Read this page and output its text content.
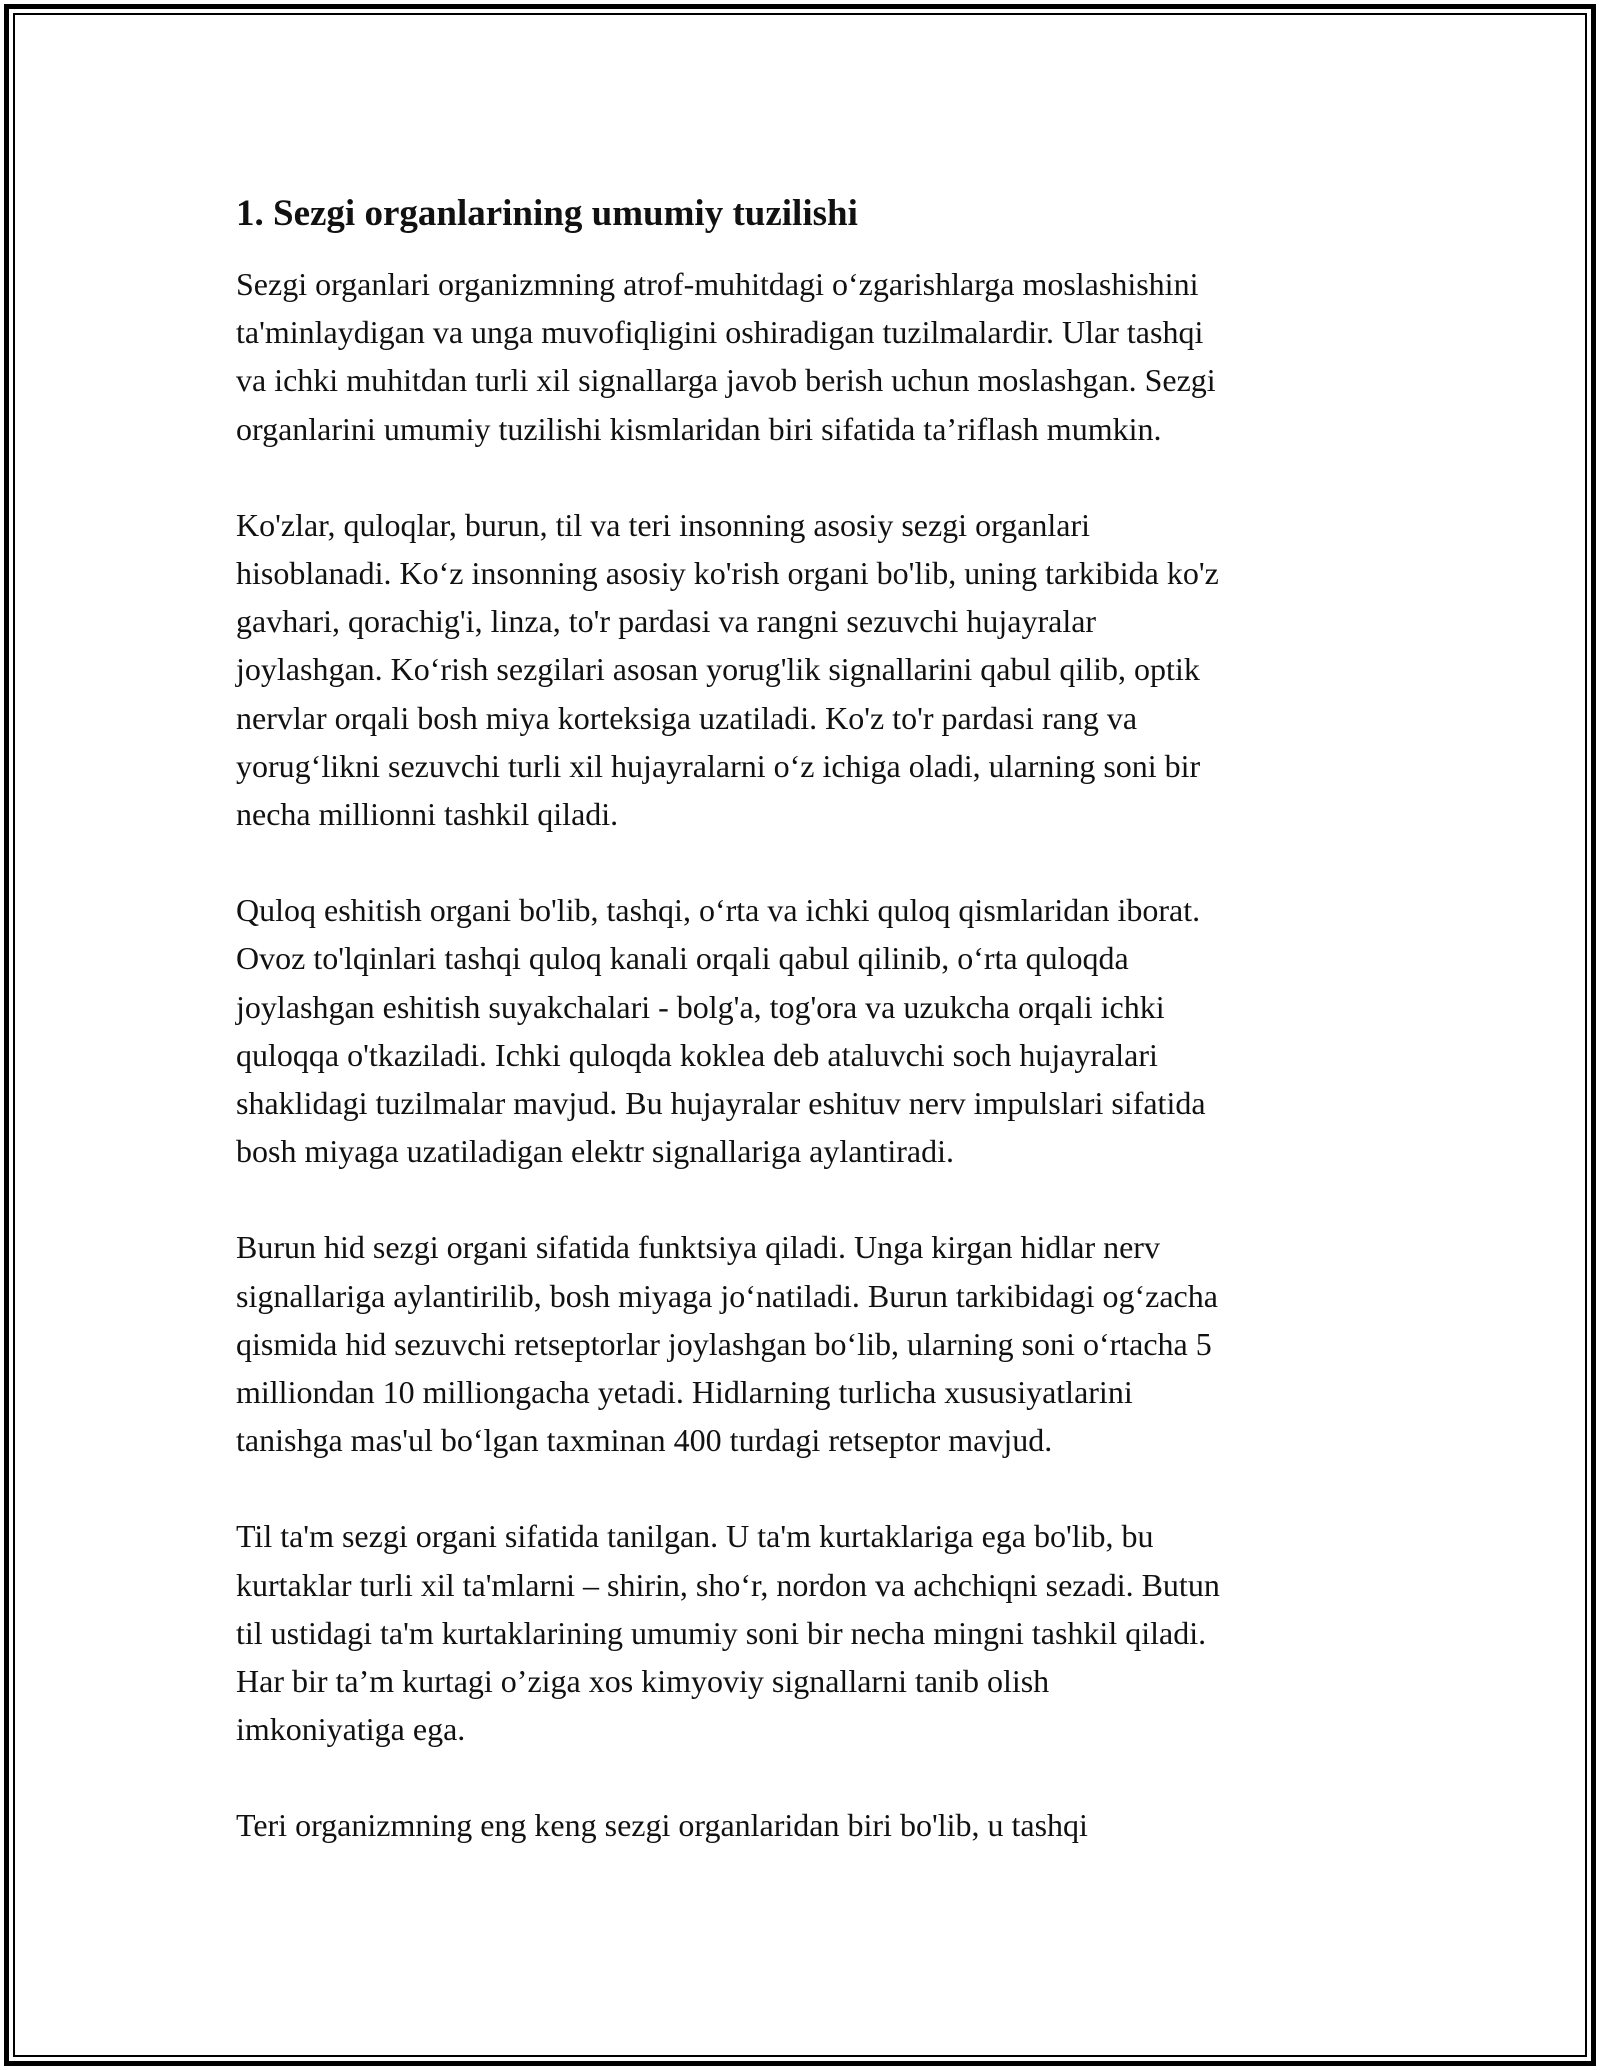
1. Sezgi organlarining umumiy tuzilishi

Sezgi organlari organizmning atrof-muhitdagi o‘zgarishlarga moslashishini
ta'minlaydigan va unga muvofiqligini oshiradigan tuzilmalardir. Ular tashqi
va ichki muhitdan turli xil signallarga javob berish uchun moslashgan. Sezgi
organlarini umumiy tuzilishi kismlaridan biri sifatida ta’riflash mumkin.

Ko'zlar, quloqlar, burun, til va teri insonning asosiy sezgi organlari
hisoblanadi. Ko‘z insonning asosiy ko'rish organi bo'lib, uning tarkibida ko'z
gavhari, qorachig'i, linza, to'r pardasi va rangni sezuvchi hujayralar
joylashgan. Ko‘rish sezgilari asosan yorug'lik signallarini qabul qilib, optik
nervlar orqali bosh miya korteksiga uzatiladi. Ko'z to'r pardasi rang va
yorug‘likni sezuvchi turli xil hujayralarni o‘z ichiga oladi, ularning soni bir
necha millionni tashkil qiladi.

Quloq eshitish organi bo'lib, tashqi, o‘rta va ichki quloq qismlaridan iborat.
Ovoz to'lqinlari tashqi quloq kanali orqali qabul qilinib, o‘rta quloqda
joylashgan eshitish suyakchalari - bolg'a, tog'ora va uzukcha orqali ichki
quloqqa o'tkaziladi. Ichki quloqda koklea deb ataluvchi soch hujayralari
shaklidagi tuzilmalar mavjud. Bu hujayralar eshituv nerv impulslari sifatida
bosh miyaga uzatiladigan elektr signallariga aylantiradi.

Burun hid sezgi organi sifatida funktsiya qiladi. Unga kirgan hidlar nerv
signallariga aylantirilib, bosh miyaga jo‘natiladi. Burun tarkibidagi og‘zacha
qismida hid sezuvchi retseptorlar joylashgan bo‘lib, ularning soni o‘rtacha 5
milliondan 10 milliongacha yetadi. Hidlarning turlicha xususiyatlarini
tanishga mas'ul bo‘lgan taxminan 400 turdagi retseptor mavjud.

Til ta'm sezgi organi sifatida tanilgan. U ta'm kurtaklariga ega bo'lib, bu
kurtaklar turli xil ta'mlarni – shirin, sho‘r, nordon va achchiqni sezadi. Butun
til ustidagi ta'm kurtaklarining umumiy soni bir necha mingni tashkil qiladi.
Har bir ta’m kurtagi o’ziga xos kimyoviy signallarni tanib olish
imkoniyatiga ega.

Teri organizmning eng keng sezgi organlaridan biri bo'lib, u tashqi
